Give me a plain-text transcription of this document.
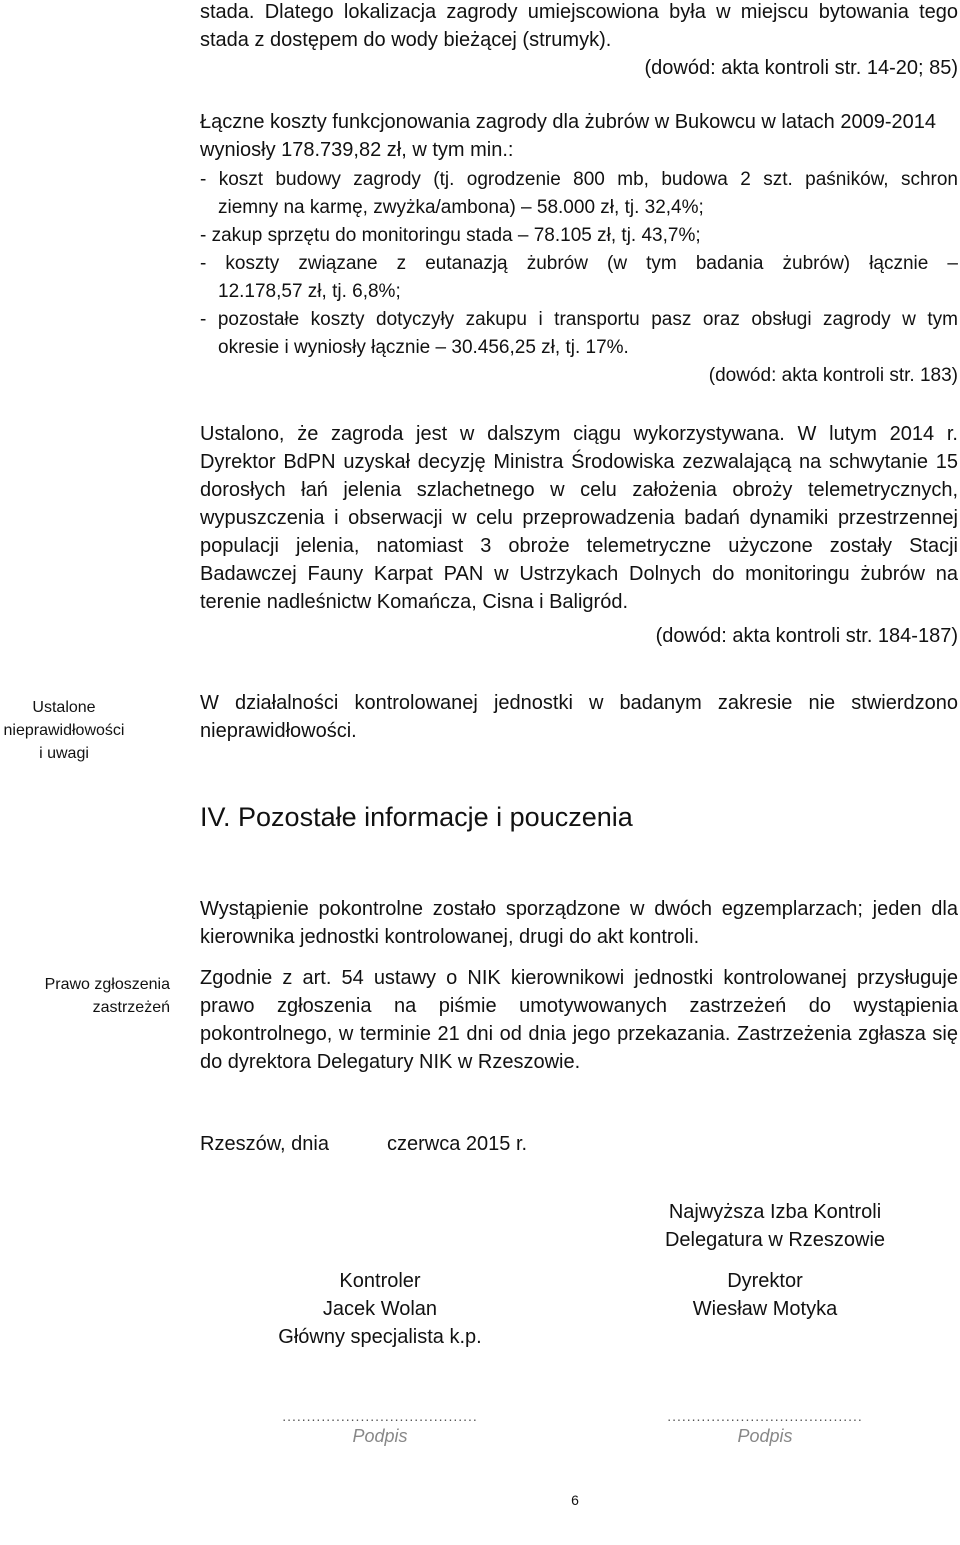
stada. Dlatego lokalizacja zagrody umiejscowiona była w miejscu bytowania tego
stada z dostępem do wody bieżącej (strumyk).
(dowód: akta kontroli str. 14-20; 85)
Łączne koszty funkcjonowania zagrody dla żubrów w Bukowcu w latach 2009-2014
wyniosły 178.739,82 zł, w tym min.:
- koszt budowy zagrody (tj. ogrodzenie 800 mb, budowa 2 szt. paśników, schron
ziemny na karmę, zwyżka/ambona) – 58.000 zł, tj. 32,4%;
- zakup sprzętu do monitoringu stada – 78.105 zł, tj. 43,7%;
- koszty związane z eutanazją żubrów (w tym badania żubrów) łącznie –
12.178,57 zł, tj. 6,8%;
- pozostałe koszty dotyczyły zakupu i transportu pasz oraz obsługi zagrody w tym
okresie i wyniosły łącznie – 30.456,25 zł, tj. 17%.
(dowód: akta kontroli str. 183)
Ustalono, że zagroda jest w dalszym ciągu wykorzystywana. W lutym 2014 r.
Dyrektor BdPN uzyskał decyzję Ministra Środowiska zezwalającą na schwytanie 15
dorosłych łań jelenia szlachetnego w celu założenia obroży telemetrycznych,
wypuszczenia i obserwacji w celu przeprowadzenia badań dynamiki przestrzennej
populacji jelenia, natomiast 3 obroże telemetryczne użyczone zostały Stacji
Badawczej Fauny Karpat PAN w Ustrzykach Dolnych do monitoringu żubrów na
terenie nadleśnictw Komańcza, Cisna i Baligród.
(dowód: akta kontroli str. 184-187)
Ustalone
nieprawidłowości
i uwagi
W działalności kontrolowanej jednostki w badanym zakresie nie stwierdzono
nieprawidłowości.
IV. Pozostałe informacje i pouczenia
Prawo zgłoszenia
zastrzeżeń
Wystąpienie pokontrolne zostało sporządzone w dwóch egzemplarzach; jeden dla
kierownika jednostki kontrolowanej, drugi do akt kontroli.
Zgodnie z art. 54 ustawy o NIK kierownikowi jednostki kontrolowanej przysługuje
prawo zgłoszenia na piśmie umotywowanych zastrzeżeń do wystąpienia
pokontrolnego, w terminie 21 dni od dnia jego przekazania. Zastrzeżenia zgłasza się
do dyrektora Delegatury NIK w Rzeszowie.
Rzeszów, dnia	czerwca 2015 r.
Najwyższa Izba Kontroli
Delegatura w Rzeszowie
Kontroler
Jacek Wolan
Główny specjalista k.p.
........................................
Podpis
Dyrektor
Wiesław Motyka
........................................
Podpis
6
